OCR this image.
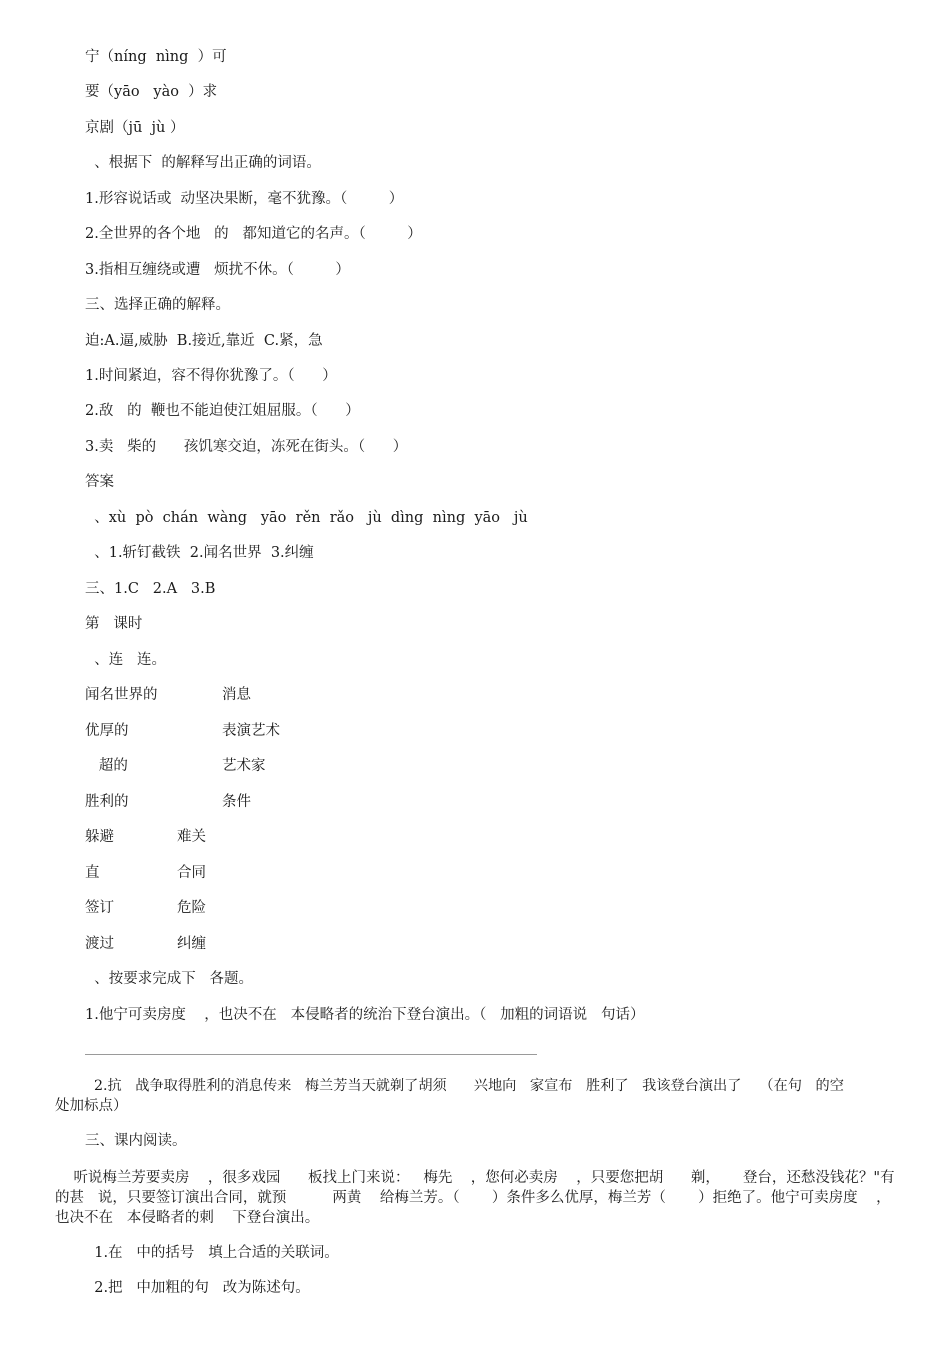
宁（níng  nìng  ）可
要（yāo   yào  ）求
京剧（jū  jù ）
、根据下  的解释写出正确的词语。
1.形容说话或  动坚决果断，毫不犹豫。（         ）
2.全世界的各个地   的   都知道它的名声。（         ）
3.指相互缠绕或遭   烦扰不休。（         ）
三、选择正确的解释。
迫:A.逼,威胁  B.接近,靠近  C.紧，急
1.时间紧迫，容不得你犹豫了。（      ）
2.敌   的  鞭也不能迫使江姐屈服。（      ）
3.卖   柴的      孩饥寒交迫，冻死在街头。（      ）
答案
、xù  pò  chán  wàng   yāo  rěn  rǎo   jù  dìng  nìng  yāo   jù
、1.斩钉截铁  2.闻名世界  3.纠缠
三、1.C   2.A   3.B
第   课时
、连   连。
闻名世界的	消息
优厚的	表演艺术
超的	艺术家
胜利的	条件
躲避	难关
直	合同
签订	危险
渡过	纠缠
、按要求完成下   各题。
1.他宁可卖房度    ，也决不在   本侵略者的统治下登台演出。（   加粗的词语说   句话）
2.抗   战争取得胜利的消息传来   梅兰芳当天就剃了胡须      兴地向   家宣布   胜利了   我该登台演出了    （在句   的空
处加标点）
三、课内阅读。
听说梅兰芳要卖房    ，很多戏园      板找上门来说：   梅先    ，您何必卖房    ，只要您把胡      剃，     登台，还愁没钱花？"有的甚   说，只要签订演出合同，就预          两黄    给梅兰芳。（       ）条件多么优厚，梅兰芳（       ）拒绝了。他宁可卖房度    ，也决不在   本侵略者的刺    下登台演出。
1.在   中的括号   填上合适的关联词。
2.把   中加粗的句   改为陈述句。
